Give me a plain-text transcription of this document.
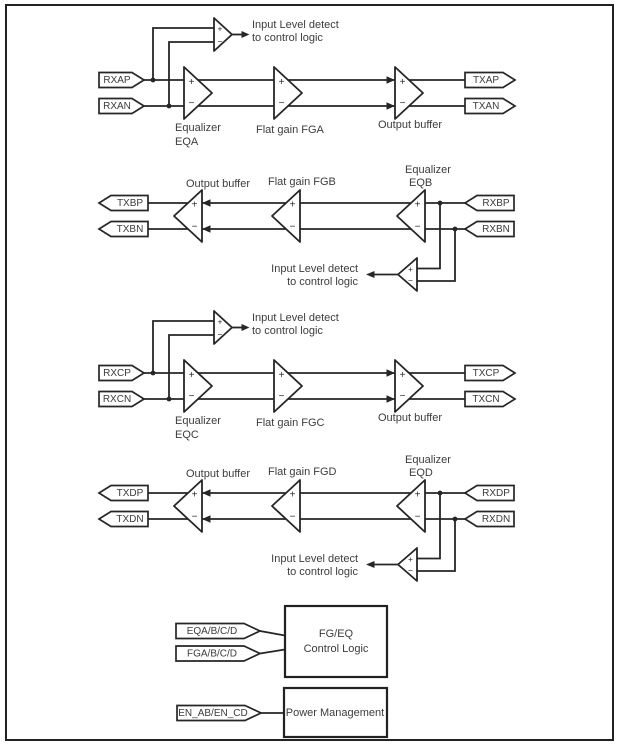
+
−
+
−
+
−
+
−
Input Level detect
to control logic
RXAP
RXAN
TXAP
TXAN
Equalizer
EQA
Flat gain FGA	Output buffer
+
−
+
−
+
−
+
−
Input Level detect
to control logic
TXBP
TXBN
RXBP
RXBN
Output buffer Flat gain FGB
Equalizer
EQB
+
−
+
−
+
−
+
−
Input Level detect
to control logic
RXCP
RXCN
TXCP
TXCN
Equalizer
EQC
Flat gain FGC	Output buffer
+
−
+
−
+
−
+
−
Input Level detect
to control logic
TXDP
TXDN
RXDP
RXDN
Output buffer Flat gain FGD
Equalizer
EQD
EQA/B/C/D
FGA/B/C/D
FG/EQ
Control Logic
EN_AB/EN_CD	Power Management
